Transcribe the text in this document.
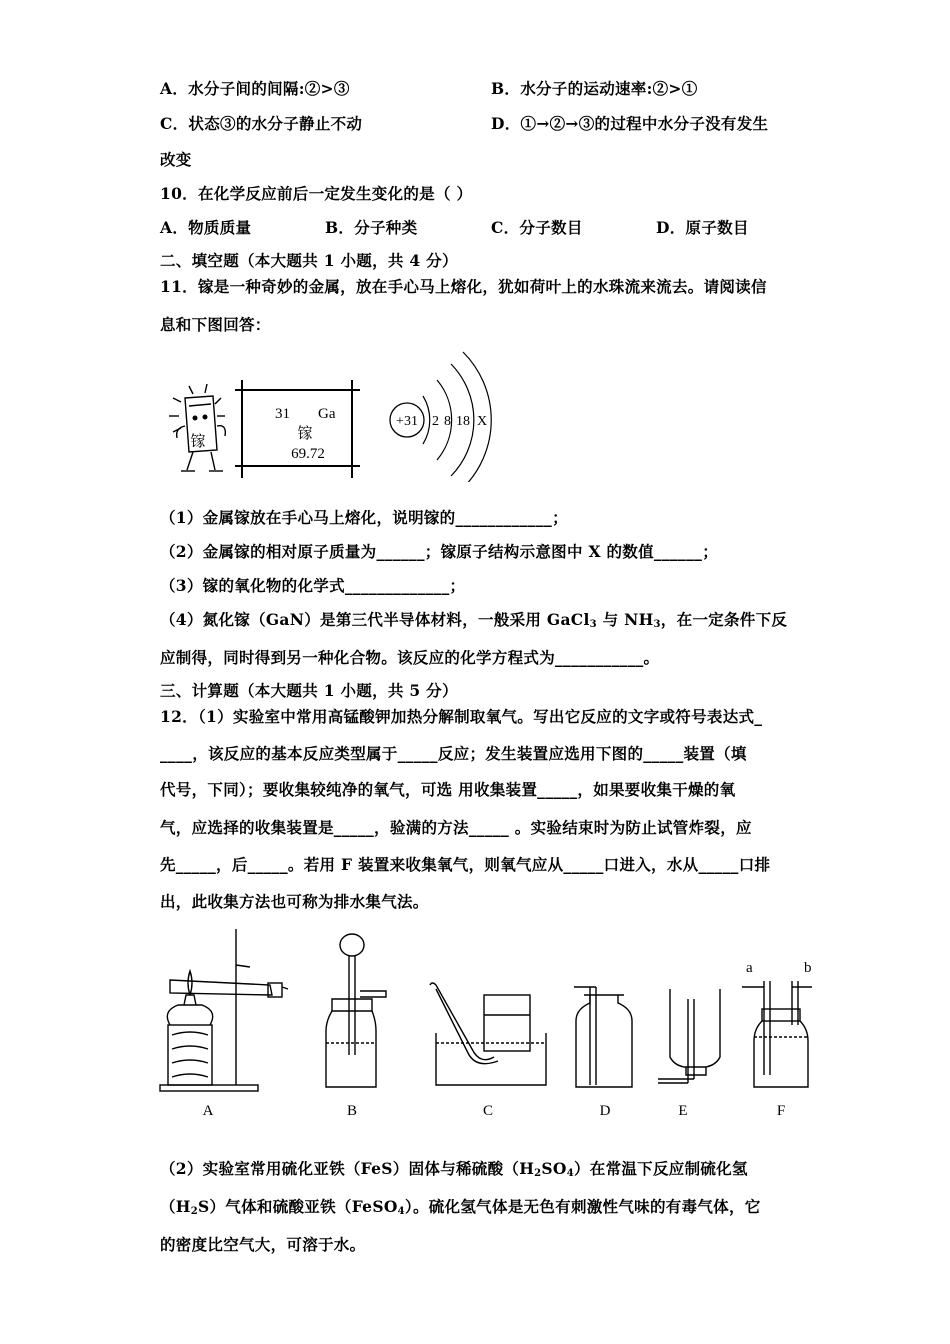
A．水分子间的间隔:②>③	B．水分子的运动速率:②>①
C．状态③的水分子静止不动	D．①→②→③的过程中水分子没有发生
改变
10．在化学反应前后一定发生变化的是（ ）
A．物质质量	B．分子种类	C．分子数目	D．原子数目
二、填空题（本大题共 1 小题，共 4 分）
11．镓是一种奇妙的金属，放在手心马上熔化，犹如荷叶上的水珠流来流去。请阅读信
息和下图回答：
镓
31 Ga
镓
69.72
+31 2 8 18 X
（1）金属镓放在手心马上熔化，说明镓的____________；
（2）金属镓的相对原子质量为______；镓原子结构示意图中 X 的数值______；
（3）镓的氧化物的化学式_____________；
（4）氮化镓（GaN）是第三代半导体材料，一般采用 GaCl$_3$ 与 $NH_3$，在一定条件下反
应制得，同时得到另一种化合物。该反应的化学方程式为___________。
三、计算题（本大题共 1 小题，共 5 分）
12．（1）实验室中常用高锰酸钾加热分解制取氧气。写出它反应的文字或符号表达式_
____，该反应的基本反应类型属于_____反应；发生装置应选用下图的_____装置（填
代号，下同）；要收集较纯净的氧气，可选 用收集装置_____，如果要收集干燥的氧
气，应选择的收集装置是_____，验满的方法_____ 。实验结束时为防止试管炸裂，应
先_____，后_____。若用 F 装置来收集氧气，则氧气应从_____口进入，水从_____口排
出，此收集方法也可称为排水集气法。
a	b
A	B	C	D	E	F
（2）实验室常用硫化亚铁（FeS）固体与稀硫酸$(H_2SO_4)$在常温下反应制硫化氢
$(H_2S)$气体和硫酸亚铁（FeSO$_4$）。硫化氢气体是无色有刺激性气味的有毒气体，它
的密度比空气大，可溶于水。
